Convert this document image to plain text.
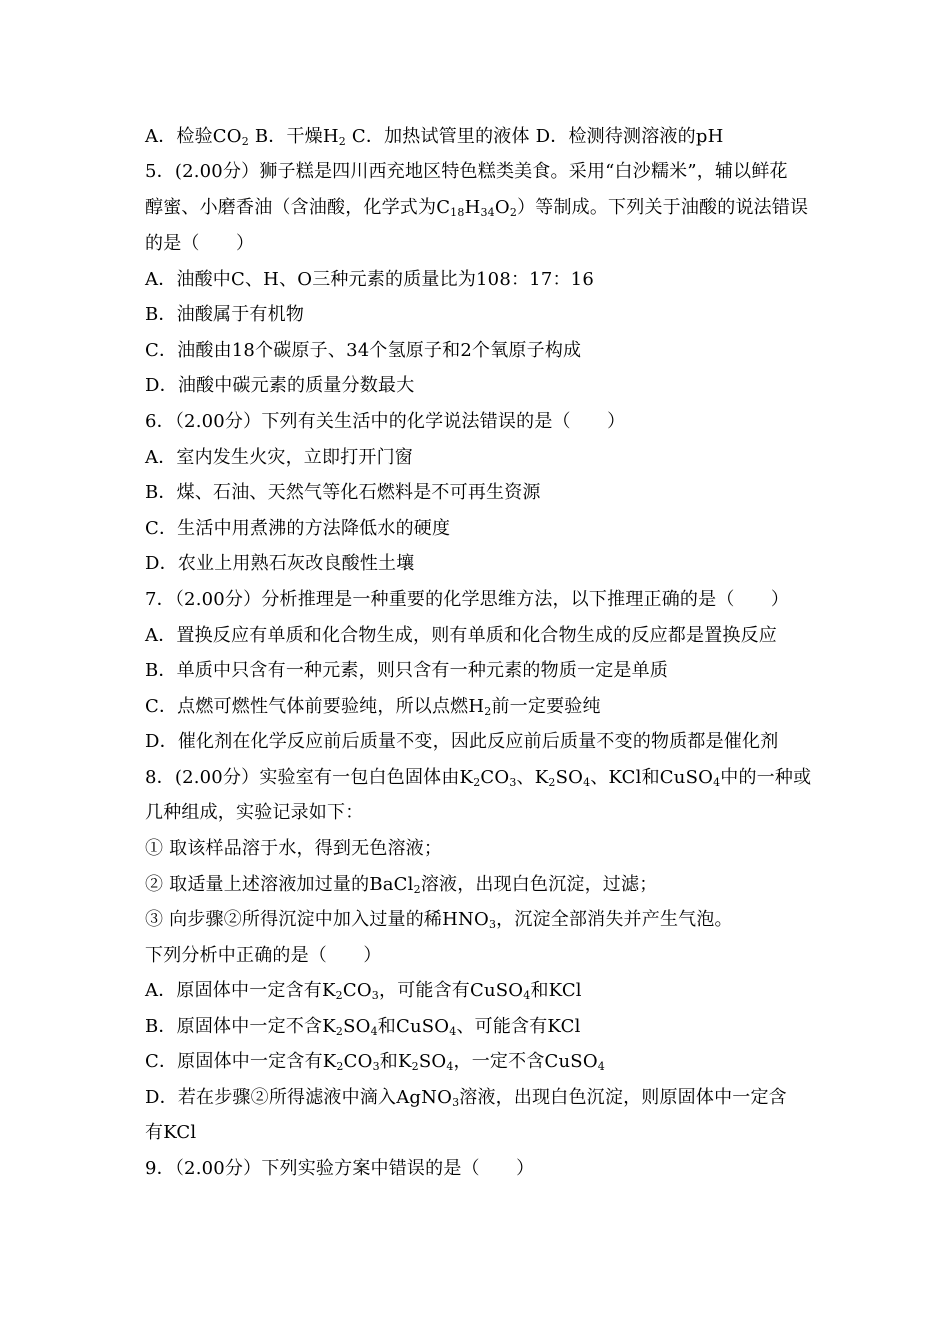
A．检验$CO_2$ B．干燥$H_2$ C．加热试管里的液体 D．检测待测溶液的pH
5．(2.00分）狮子糕是四川西充地区特色糕类美食。采用“白沙糯米”，辅以鲜花
醇蜜、小磨香油（含油酸，化学式为$C_{18}H_{34}O_2$）等制成。下列关于油酸的说法错误
的是（　　）
A．油酸中C、H、O三种元素的质量比为108：17：16
B．油酸属于有机物
C．油酸由18个碳原子、34个氢原子和2个氧原子构成
D．油酸中碳元素的质量分数最大
6．（2.00分）下列有关生活中的化学说法错误的是（　　）
A．室内发生火灾，立即打开门窗
B．煤、石油、天然气等化石燃料是不可再生资源
C．生活中用煮沸的方法降低水的硬度
D．农业上用熟石灰改良酸性土壤
7．（2.00分）分析推理是一种重要的化学思维方法，以下推理正确的是（　　）
A．置换反应有单质和化合物生成，则有单质和化合物生成的反应都是置换反应
B．单质中只含有一种元素，则只含有一种元素的物质一定是单质
C．点燃可燃性气体前要验纯，所以点燃$H_2$前一定要验纯
D．催化剂在化学反应前后质量不变，因此反应前后质量不变的物质都是催化剂
8．(2.00分）实验室有一包白色固体由$K_2CO_3$、$K_2SO_4$、KCl和CuSO$_4$中的一种或
几种组成，实验记录如下：
① 取该样品溶于水，得到无色溶液；
② 取适量上述溶液加过量的BaCl$_2$溶液，出现白色沉淀，过滤；
③ 向步骤②所得沉淀中加入过量的稀$HNO_3$，沉淀全部消失并产生气泡。
下列分析中正确的是（　　）
A．原固体中一定含有$K_2CO_3$，可能含有CuSO$_4$和KCl
B．原固体中一定不含$K_2SO_4$和CuSO$_4$、可能含有KCl
C．原固体中一定含有$K_2CO_3$和$K_2SO_4$，一定不含CuSO$_4$
D．若在步骤②所得滤液中滴入AgNO$_3$溶液，出现白色沉淀，则原固体中一定含
有KCl
9．（2.00分）下列实验方案中错误的是（　　）
